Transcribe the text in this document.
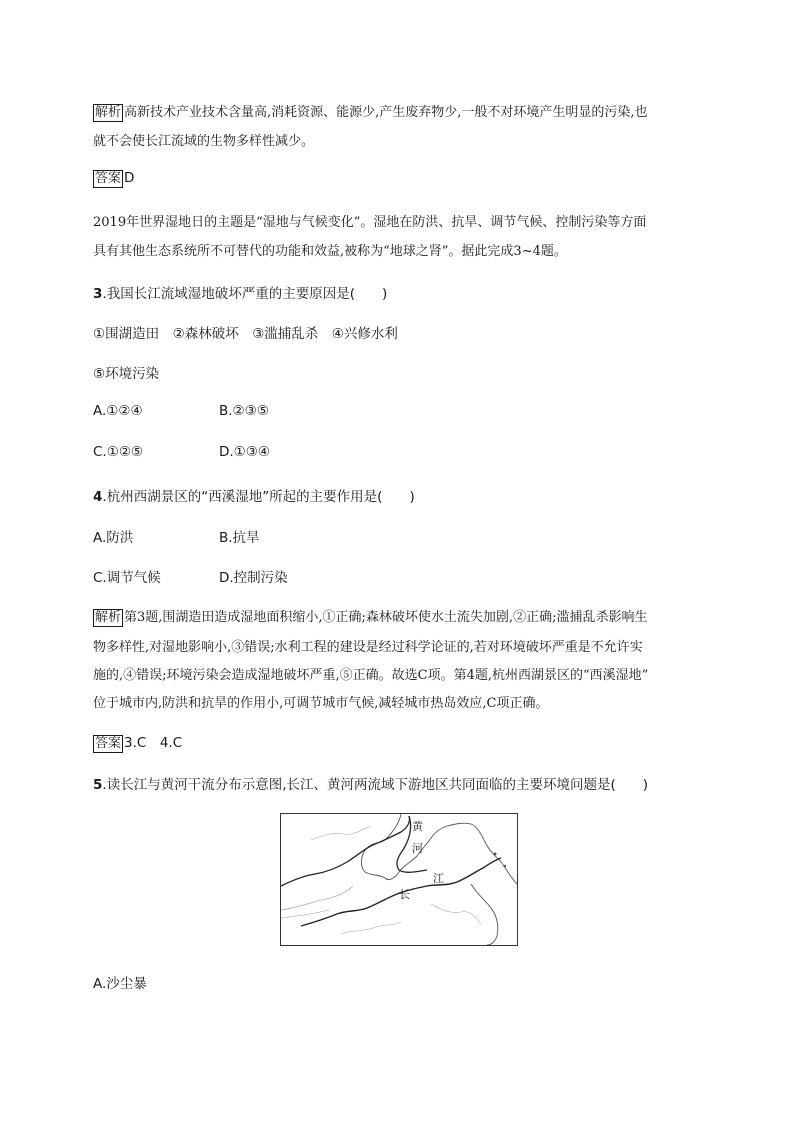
解析 高新技术产业技术含量高,消耗资源、能源少,产生废弃物少,一般不对环境产生明显的污染,也
就不会使长江流域的生物多样性减少。
答案 D
2019年世界湿地日的主题是“湿地与气候变化”。湿地在防洪、抗旱、调节气候、控制污染等方面
具有其他生态系统所不可替代的功能和效益,被称为“地球之肾”。据此完成3~4题。
3.我国长江流域湿地破坏严重的主要原因是(　　)
①围湖造田　②森林破坏　③滥捕乱杀　④兴修水利
⑤环境污染
A.①②④	B.②③⑤
C.①②⑤	D.①③④
4.杭州西湖景区的“西溪湿地”所起的主要作用是(　　)
A.防洪	B.抗旱
C.调节气候	D.控制污染
解析 第3题,围湖造田造成湿地面积缩小,①正确;森林破坏使水土流失加剧,②正确;滥捕乱杀影响生
物多样性,对湿地影响小,③错误;水利工程的建设是经过科学论证的,若对环境破坏严重是不允许实
施的,④错误;环境污染会造成湿地破坏严重,⑤正确。故选C项。第4题,杭州西湖景区的“西溪湿地”
位于城市内,防洪和抗旱的作用小,可调节城市气候,减轻城市热岛效应,C项正确。
答案 3.C　4.C
5.读长江与黄河干流分布示意图,长江、黄河两流域下游地区共同面临的主要环境问题是(　　)
黄
河
长
江
A.沙尘暴
